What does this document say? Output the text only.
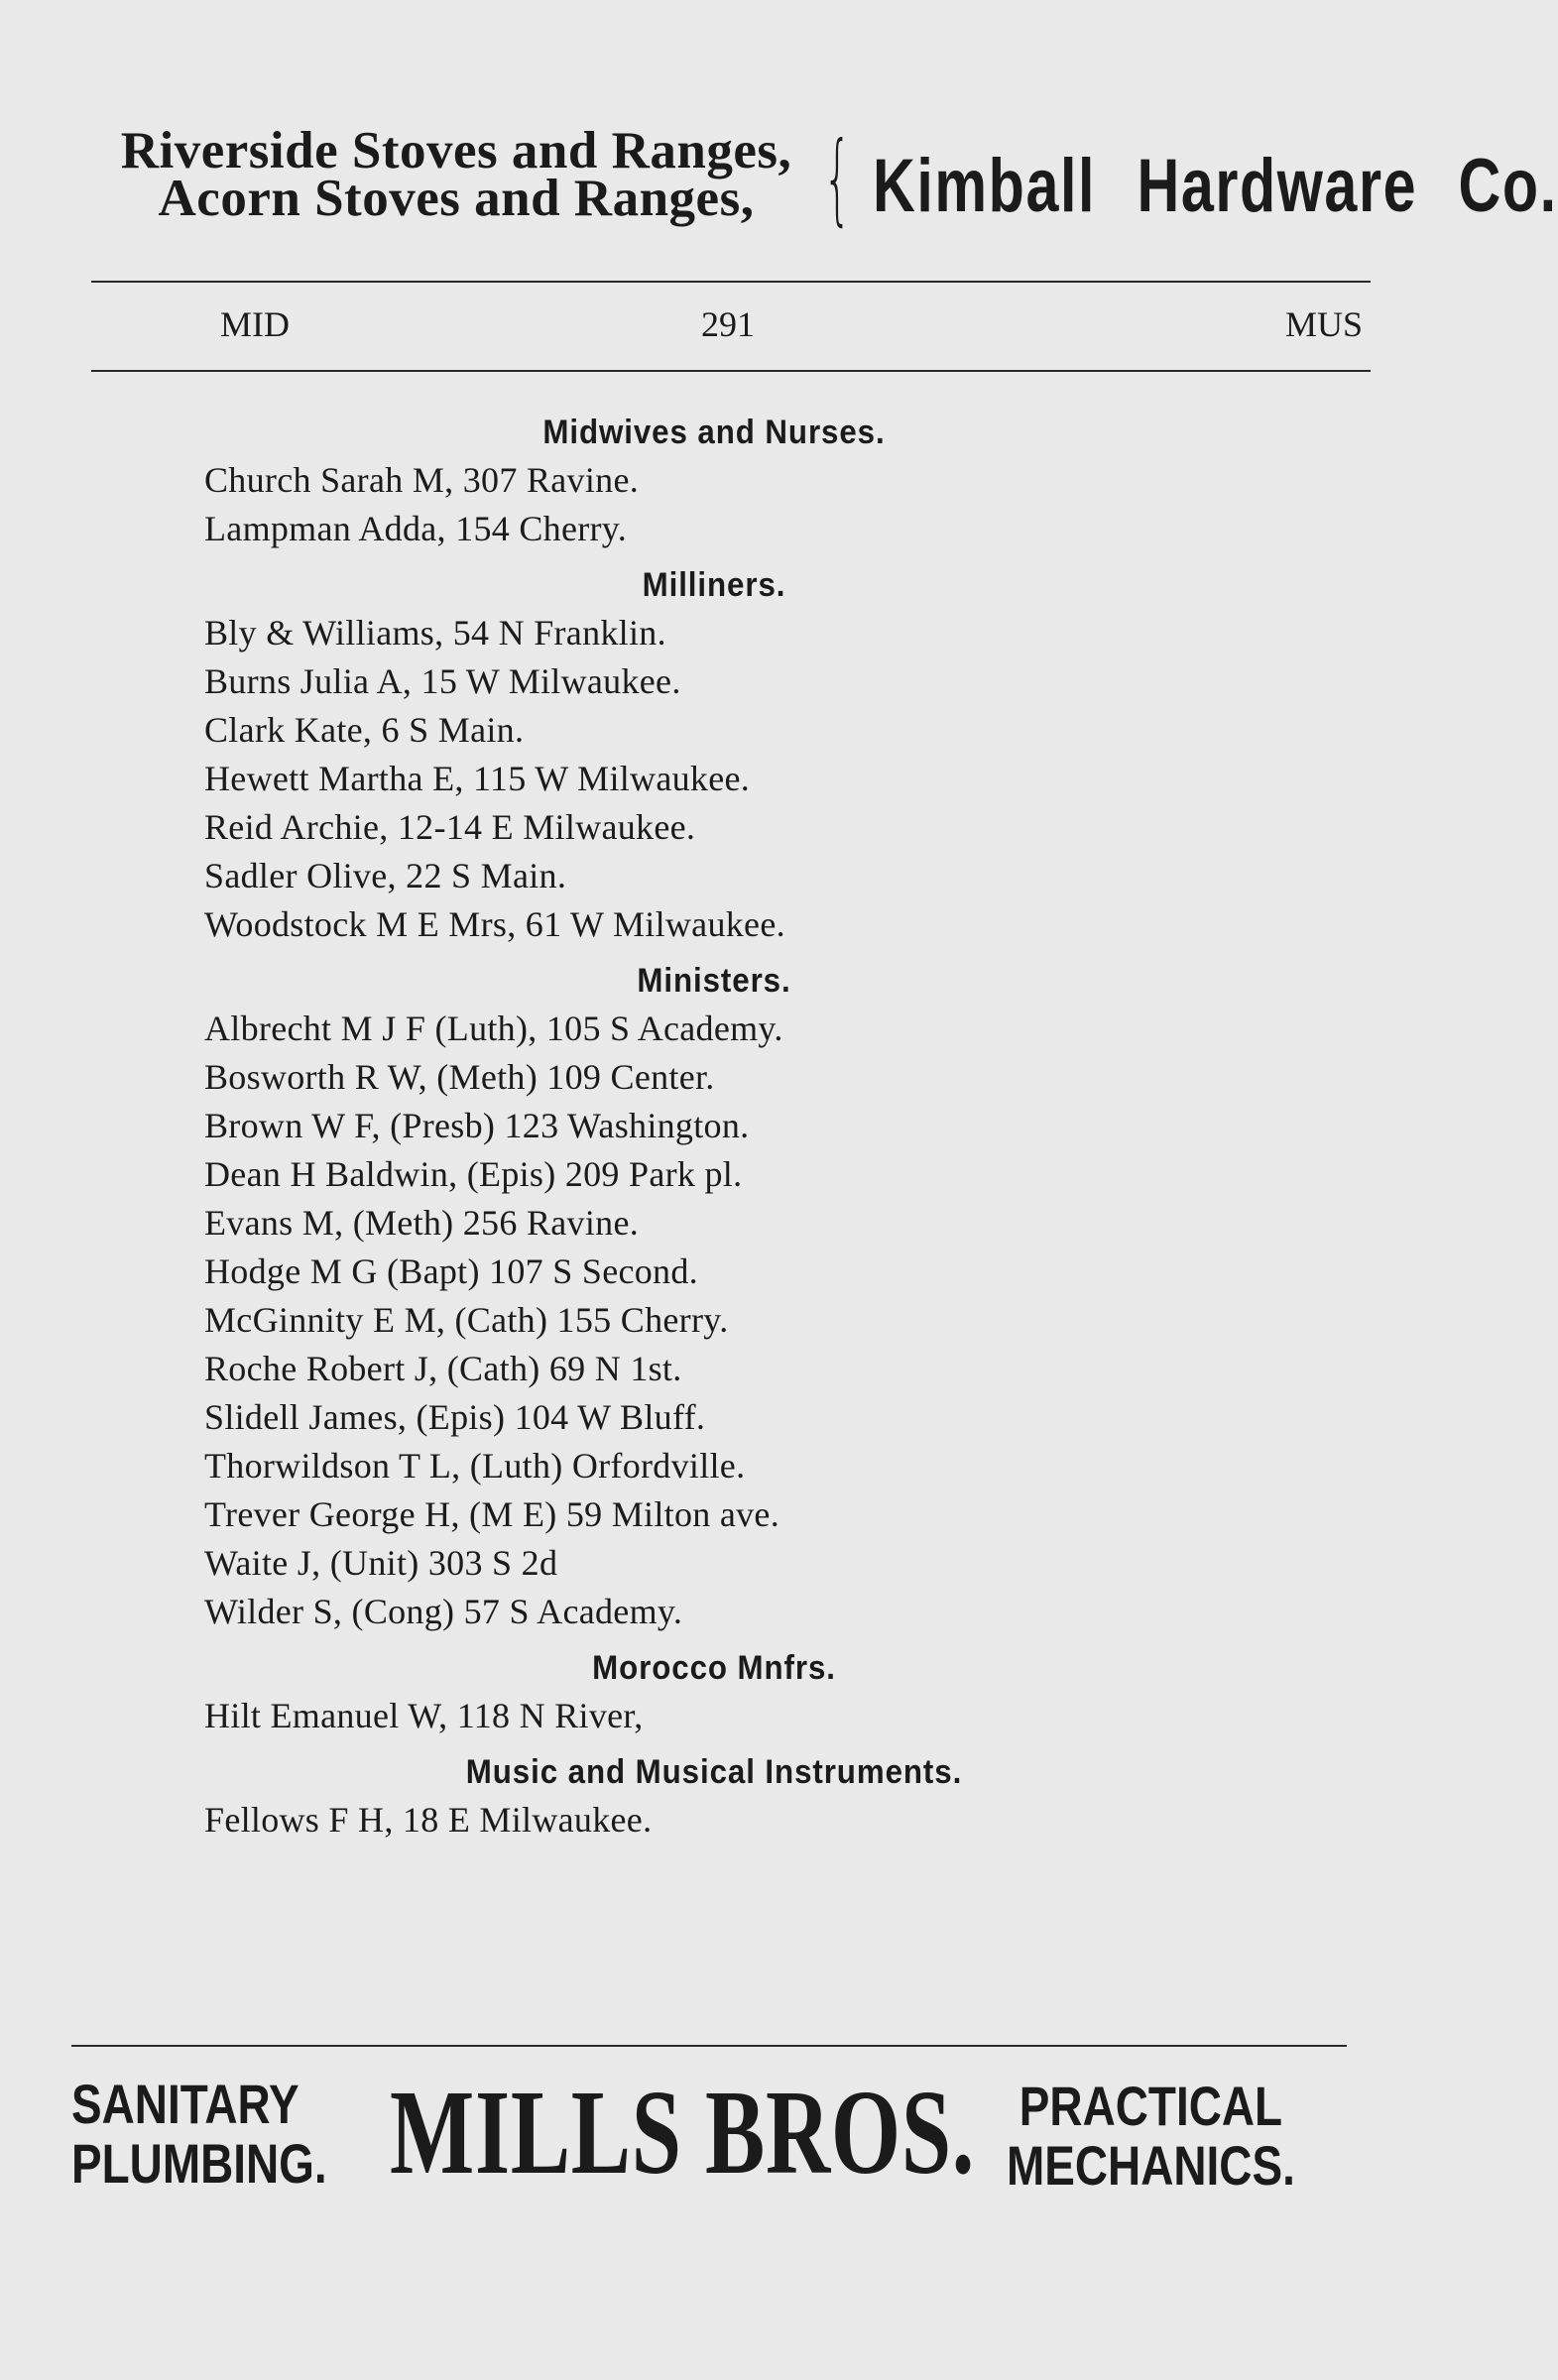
Riverside Stoves and Ranges,
Acorn Stoves and Ranges, { Kimball Hardware Co.
MID	291	MUS
Midwives and Nurses.
Church Sarah M, 307 Ravine.
Lampman Adda, 154 Cherry.
Milliners.
Bly & Williams, 54 N Franklin.
Burns Julia A, 15 W Milwaukee.
Clark Kate, 6 S Main.
Hewett Martha E, 115 W Milwaukee.
Reid Archie, 12-14 E Milwaukee.
Sadler Olive, 22 S Main.
Woodstock M E Mrs, 61 W Milwaukee.
Ministers.
Albrecht M J F (Luth), 105 S Academy.
Bosworth R W, (Meth) 109 Center.
Brown W F, (Presb) 123 Washington.
Dean H Baldwin, (Epis) 209 Park pl.
Evans M, (Meth) 256 Ravine.
Hodge M G (Bapt) 107 S Second.
McGinnity E M, (Cath) 155 Cherry.
Roche Robert J, (Cath) 69 N 1st.
Slidell James, (Epis) 104 W Bluff.
Thorwildson T L, (Luth) Orfordville.
Trever George H, (M E) 59 Milton ave.
Waite J, (Unit) 303 S 2d
Wilder S, (Cong) 57 S Academy.
Morocco Mnfrs.
Hilt Emanuel W, 118 N River,
Music and Musical Instruments.
Fellows F H, 18 E Milwaukee.
SANITARY
PLUMBING. MILLS BROS. PRACTICAL
MECHANICS.
